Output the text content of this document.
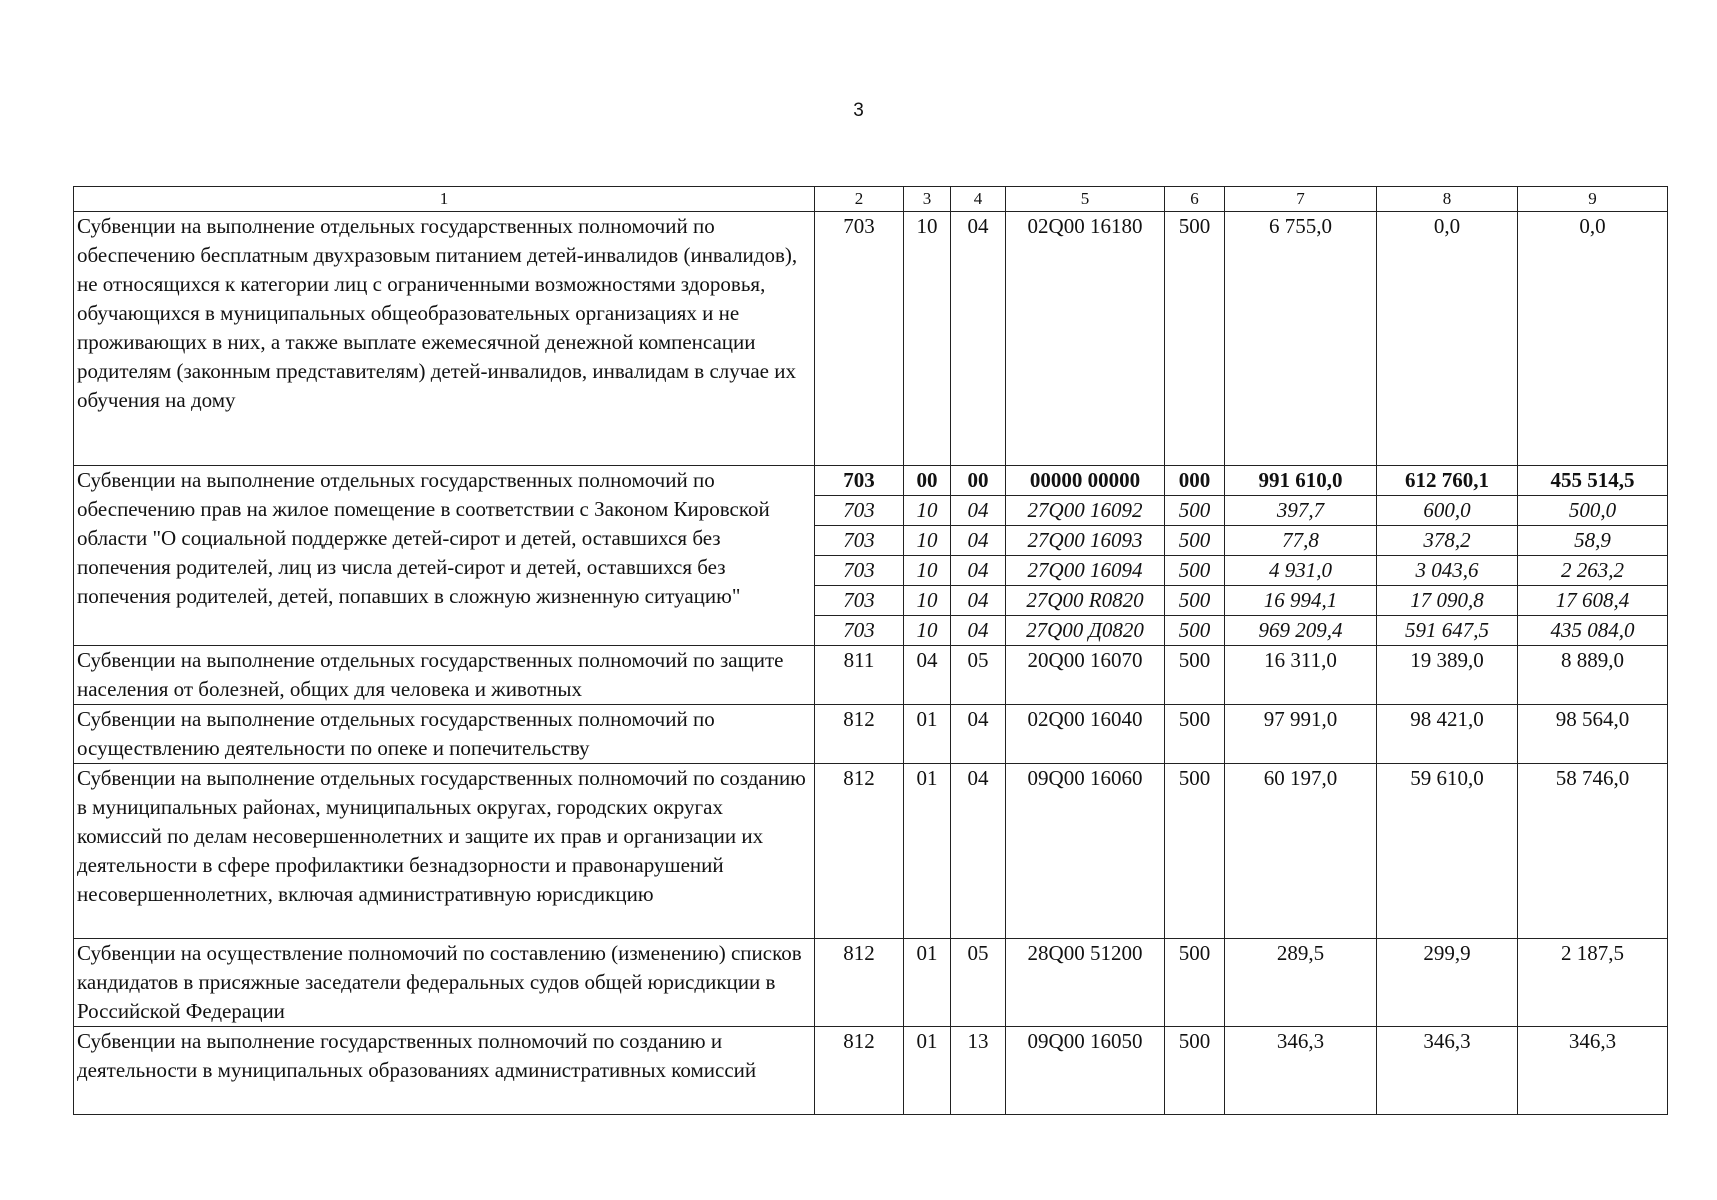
3
1	2	3	4	5	6	7	8	9
Субвенции на выполнение отдельных государственных полномочий по обеспечению бесплатным двухразовым питанием детей-инвалидов (инвалидов), не относящихся к категории лиц с ограниченными возможностями здоровья, обучающихся в муниципальных общеобразовательных организациях и не проживающих в них, а также выплате ежемесячной денежной компенсации родителям (законным представителям) детей-инвалидов, инвалидам в случае их обучения на дому	703	10	04	02Q00 16180	500	6 755,0	0,0	0,0
Субвенции на выполнение отдельных государственных полномочий по обеспечению прав на жилое помещение в соответствии с Законом Кировской области "О социальной поддержке детей-сирот и детей, оставшихся без попечения родителей, лиц из числа детей-сирот и детей, оставшихся без попечения родителей, детей, попавших в сложную жизненную ситуацию"	703	00	00	00000 00000	000	991 610,0	612 760,1	455 514,5
	703	10	04	27Q00 16092	500	397,7	600,0	500,0
	703	10	04	27Q00 16093	500	77,8	378,2	58,9
	703	10	04	27Q00 16094	500	4 931,0	3 043,6	2 263,2
	703	10	04	27Q00 R0820	500	16 994,1	17 090,8	17 608,4
	703	10	04	27Q00 Д0820	500	969 209,4	591 647,5	435 084,0
Субвенции на выполнение отдельных государственных полномочий по защите населения от болезней, общих для человека и животных	811	04	05	20Q00 16070	500	16 311,0	19 389,0	8 889,0
Субвенции на выполнение отдельных государственных полномочий по осуществлению деятельности по опеке и попечительству	812	01	04	02Q00 16040	500	97 991,0	98 421,0	98 564,0
Субвенции на выполнение отдельных государственных полномочий по созданию в муниципальных районах, муниципальных округах, городских округах комиссий по делам несовершеннолетних и защите их прав и организации их деятельности в сфере профилактики безнадзорности и правонарушений несовершеннолетних, включая административную юрисдикцию	812	01	04	09Q00 16060	500	60 197,0	59 610,0	58 746,0
Субвенции на осуществление полномочий по составлению (изменению) списков кандидатов в присяжные заседатели федеральных судов общей юрисдикции в Российской Федерации	812	01	05	28Q00 51200	500	289,5	299,9	2 187,5
Субвенции на выполнение государственных полномочий по созданию и деятельности в муниципальных образованиях административных комиссий	812	01	13	09Q00 16050	500	346,3	346,3	346,3
